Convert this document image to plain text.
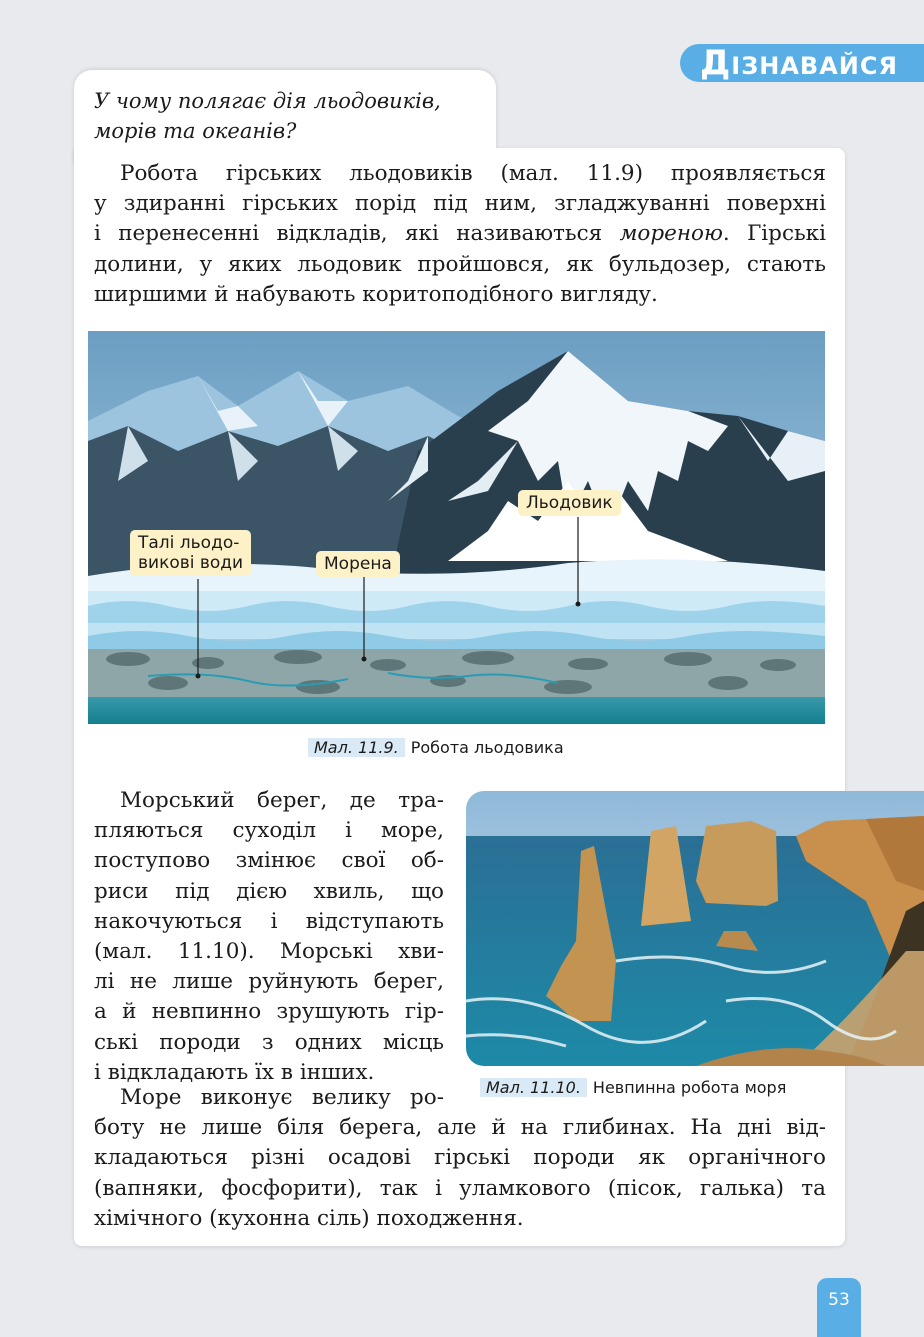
ДІЗНАВАЙСЯ
У чому полягає дія льодовиків,
морів та океанів?
Робота гірських льодовиків (мал. 11.9) проявляється
у здиранні гірських порід під ним, згладжуванні поверхні
і перенесенні відкладів, які називаються мореною. Гірські
долини, у яких льодовик пройшовся, як бульдозер, стають
ширшими й набувають коритоподібного вигляду.
Талі льодо-
викові води	Морена
Льодовик
Мал. 11.9. Робота льодовика
Морський берег, де тра-
пляються суходіл і море,
поступово змінює свої об-
риси під дією хвиль, що
накочуються і відступають
(мал. 11.10). Морські хви-
лі не лише руйнують берег,
а й невпинно зрушують гір-
ські породи з одних місць
і відкладають їх в інших.
Мал. 11.10. Невпинна робота моря
Море виконує велику ро-
боту не лише біля берега, але й на глибинах. На дні від-
кладаються різні осадові гірські породи як органічного
(вапняки, фосфорити), так і уламкового (пісок, галька) та
хімічного (кухонна сіль) походження.
53
